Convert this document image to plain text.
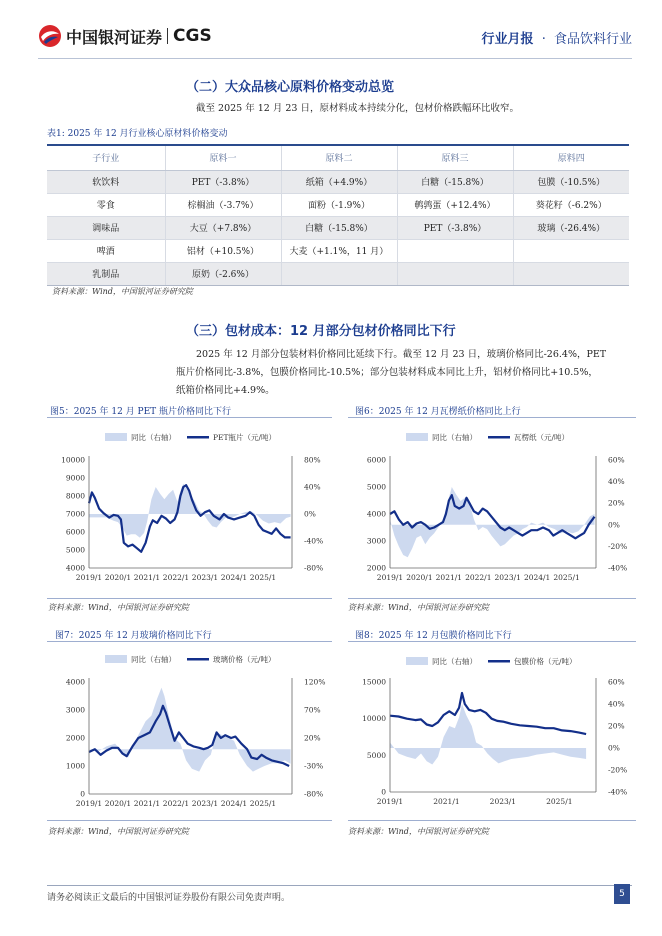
中国银河证券 CGS	行业月报 · 食品饮料行业
（二）大众品核心原料价格变动总览
截至 2025 年 12 月 23 日，原材料成本持续分化，包材价格跌幅环比收窄。
表1: 2025 年 12 月行业核心原材料价格变动
子行业	原料一	原料二	原料三	原料四
软饮料	PET（-3.8%）	纸箱（+4.9%）	白糖（-15.8%）	包膜（-10.5%）
零食	棕榈油（-3.7%）	面粉（-1.9%）	鹌鹑蛋（+12.4%）	葵花籽（-6.2%）
调味品	大豆（+7.8%）	白糖（-15.8%）	PET（-3.8%）	玻璃（-26.4%）
啤酒	铝材（+10.5%）	大麦（+1.1%，11 月）		
乳制品	原奶（-2.6%）			
资料来源：Wind，中国银河证券研究院
（三）包材成本：12 月部分包材价格同比下行
2025 年 12 月部分包装材料价格同比延续下行。截至 12 月 23 日，玻璃价格同比-26.4%，PET
瓶片价格同比-3.8%，包膜价格同比-10.5%；部分包装材料成本同比上升，铝材价格同比+10.5%，
纸箱价格同比+4.9%。
图5：2025 年 12 月 PET 瓶片价格同比下行
同比（右轴）	PET瓶片（元/吨）
10000
9000
8000
7000
6000
5000
4000
80%
40%
0%
-40%
-80%
2019/1 2020/1 2021/1 2022/1 2023/1 2024/1 2025/1
资料来源：Wind，中国银河证券研究院
图6：2025 年 12 月瓦楞纸价格同比上行
同比（右轴）	瓦楞纸（元/吨）
6000
5000
4000
3000
2000
60%
40%
20%
0%
-20%
-40%
2019/1 2020/1 2021/1 2022/1 2023/1 2024/1 2025/1
资料来源：Wind，中国银河证券研究院
图7：2025 年 12 月玻璃价格同比下行
同比（右轴）	玻璃价格（元/吨）
4000
3000
2000
1000
0
120%
70%
20%
-30%
-80%
2019/1 2020/1 2021/1 2022/1 2023/1 2024/1 2025/1
资料来源：Wind，中国银河证券研究院
图8：2025 年 12 月包膜价格同比下行
同比（右轴）	包膜价格（元/吨）
15000
10000
5000
0
60%
40%
20%
0%
-20%
-40%
2019/1	2021/1	2023/1	2025/1
资料来源：Wind，中国银河证券研究院
请务必阅读正文最后的中国银河证券股份有限公司免责声明。	5
